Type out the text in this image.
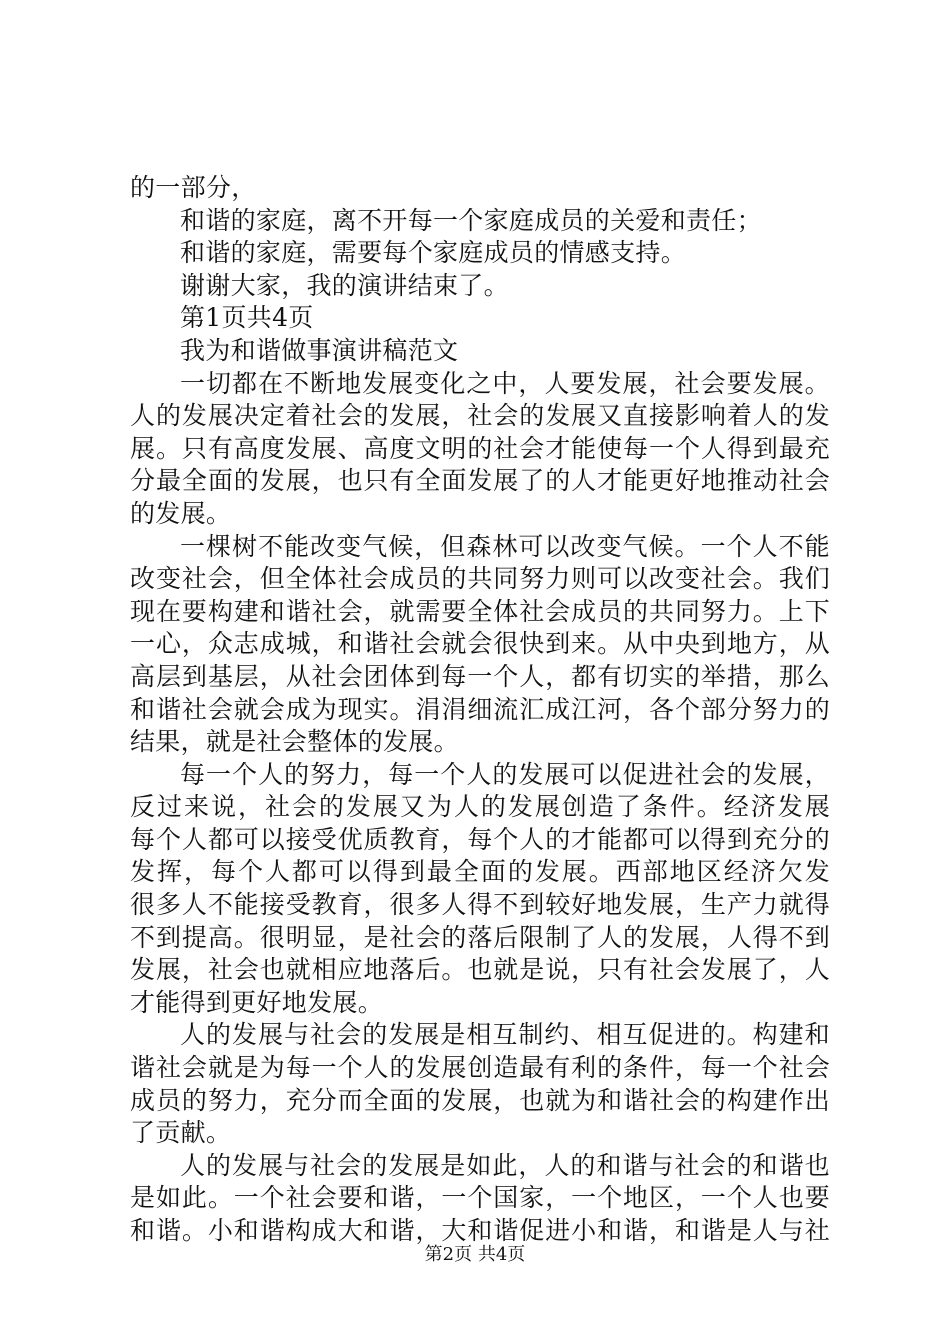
的一部分，
和谐的家庭，离不开每一个家庭成员的关爱和责任；
和谐的家庭，需要每个家庭成员的情感支持。
谢谢大家，我的演讲结束了。
第1页共4页
我为和谐做事演讲稿范文
一切都在不断地发展变化之中，人要发展，社会要发展。
人的发展决定着社会的发展，社会的发展又直接影响着人的发
展。只有高度发展、高度文明的社会才能使每一个人得到最充
分最全面的发展，也只有全面发展了的人才能更好地推动社会
的发展。
一棵树不能改变气候，但森林可以改变气候。一个人不能
改变社会，但全体社会成员的共同努力则可以改变社会。我们
现在要构建和谐社会，就需要全体社会成员的共同努力。上下
一心，众志成城，和谐社会就会很快到来。从中央到地方，从
高层到基层，从社会团体到每一个人，都有切实的举措，那么
和谐社会就会成为现实。涓涓细流汇成江河，各个部分努力的
结果，就是社会整体的发展。
每一个人的努力，每一个人的发展可以促进社会的发展，
反过来说，社会的发展又为人的发展创造了条件。经济发展
每个人都可以接受优质教育，每个人的才能都可以得到充分的
发挥，每个人都可以得到最全面的发展。西部地区经济欠发
很多人不能接受教育，很多人得不到较好地发展，生产力就得
不到提高。很明显，是社会的落后限制了人的发展，人得不到
发展，社会也就相应地落后。也就是说，只有社会发展了，人
才能得到更好地发展。
人的发展与社会的发展是相互制约、相互促进的。构建和
谐社会就是为每一个人的发展创造最有利的条件，每一个社会
成员的努力，充分而全面的发展，也就为和谐社会的构建作出
了贡献。
人的发展与社会的发展是如此，人的和谐与社会的和谐也
是如此。一个社会要和谐，一个国家，一个地区，一个人也要
和谐。小和谐构成大和谐，大和谐促进小和谐，和谐是人与社
第2页 共4页
